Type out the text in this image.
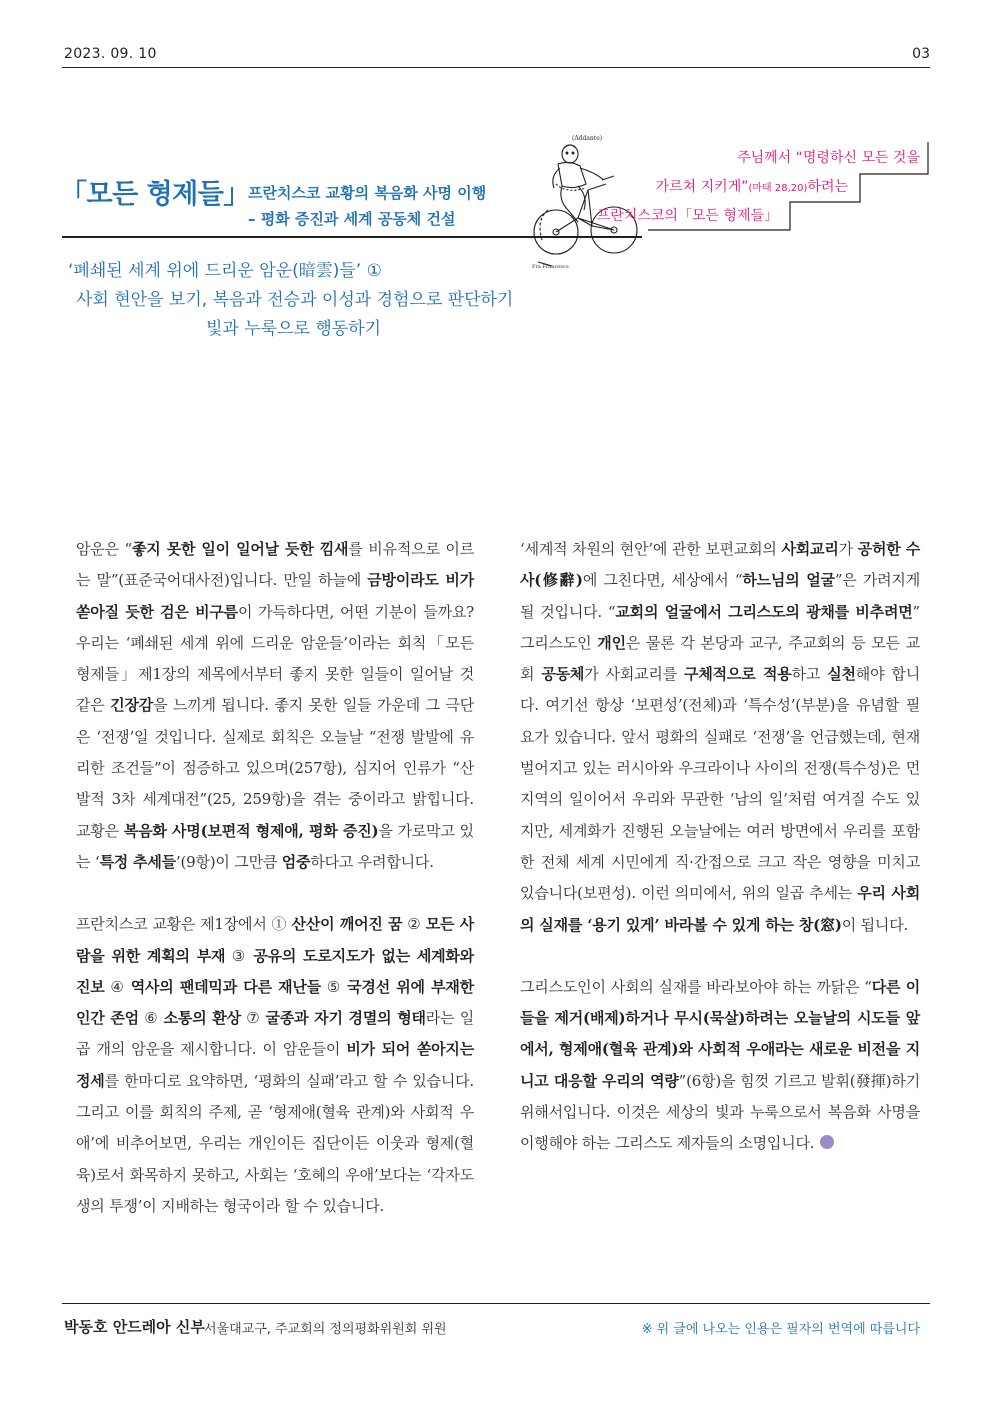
2023. 09. 10	03
「모든 형제들」
프란치스코 교황의 복음화 사명 이행
– 평화 증진과 세계 공동체 건설
(Addante)
Fra Francesco
주님께서 “명령하신 모든 것을
가르쳐 지키게”(마태 28,20)하려는
프란치스코의「모든 형제들」
‘폐쇄된 세계 위에 드리운 암운(暗雲)들’ ①
사회 현안을 보기, 복음과 전승과 이성과 경험으로 판단하기
빛과 누룩으로 행동하기

암운은 “좋지 못한 일이 일어날 듯한 낌새를 비유적으로 이르는 말”(표준국어대사전)입니다. 만일 하늘에 금방이라도 비가 쏟아질 듯한 검은 비구름이 가득하다면, 어떤 기분이 들까요? 우리는 ‘폐쇄된 세계 위에 드리운 암운들’이라는 회칙「모든 형제들」제1장의 제목에서부터 좋지 못한 일들이 일어날 것 같은 긴장감을 느끼게 됩니다. 좋지 못한 일들 가운데 그 극단은 ‘전쟁’일 것입니다. 실제로 회칙은 오늘날 “전쟁 발발에 유리한 조건들”이 점증하고 있으며(257항), 심지어 인류가 “산발적 3차 세계대전”(25, 259항)을 겪는 중이라고 밝힙니다. 교황은 복음화 사명(보편적 형제애, 평화 증진)을 가로막고 있는 ‘특정 추세들’(9항)이 그만큼 엄중하다고 우려합니다.

프란치스코 교황은 제1장에서 ① 산산이 깨어진 꿈 ② 모든 사람을 위한 계획의 부재 ③ 공유의 도로지도가 없는 세계화와 진보 ④ 역사의 팬데믹과 다른 재난들 ⑤ 국경선 위에 부재한 인간 존엄 ⑥ 소통의 환상 ⑦ 굴종과 자기 경멸의 형태라는 일곱 개의 암운을 제시합니다. 이 암운들이 비가 되어 쏟아지는 정세를 한마디로 요약하면, ‘평화의 실패’라고 할 수 있습니다. 그리고 이를 회칙의 주제, 곧 ‘형제애(혈육 관계)와 사회적 우애’에 비추어보면, 우리는 개인이든 집단이든 이웃과 형제(혈육)로서 화목하지 못하고, 사회는 ‘호혜의 우애’보다는 ‘각자도생의 투쟁’이 지배하는 형국이라 할 수 있습니다.

‘세계적 차원의 현안’에 관한 보편교회의 사회교리가 공허한 수사(修辭)에 그친다면, 세상에서 “하느님의 얼굴”은 가려지게 될 것입니다. “교회의 얼굴에서 그리스도의 광채를 비추려면” 그리스도인 개인은 물론 각 본당과 교구, 주교회의 등 모든 교회 공동체가 사회교리를 구체적으로 적용하고 실천해야 합니다. 여기선 항상 ‘보편성’(전체)과 ‘특수성’(부분)을 유념할 필요가 있습니다. 앞서 평화의 실패로 ‘전쟁’을 언급했는데, 현재 벌어지고 있는 러시아와 우크라이나 사이의 전쟁(특수성)은 먼 지역의 일이어서 우리와 무관한 ‘남의 일’처럼 여겨질 수도 있지만, 세계화가 진행된 오늘날에는 여러 방면에서 우리를 포함한 전체 세계 시민에게 직·간접으로 크고 작은 영향을 미치고 있습니다(보편성). 이런 의미에서, 위의 일곱 추세는 우리 사회의 실재를 ‘용기 있게’ 바라볼 수 있게 하는 창(窓)이 됩니다.

그리스도인이 사회의 실재를 바라보아야 하는 까닭은 “다른 이들을 제거(배제)하거나 무시(묵살)하려는 오늘날의 시도들 앞에서, 형제애(혈육 관계)와 사회적 우애라는 새로운 비전을 지니고 대응할 우리의 역량”(6항)을 힘껏 기르고 발휘(發揮)하기 위해서입니다. 이것은 세상의 빛과 누룩으로서 복음화 사명을 이행해야 하는 그리스도 제자들의 소명입니다.

박동호 안드레아 신부 서울대교구, 주교회의 정의평화위원회 위원	※ 위 글에 나오는 인용은 필자의 번역에 따릅니다
